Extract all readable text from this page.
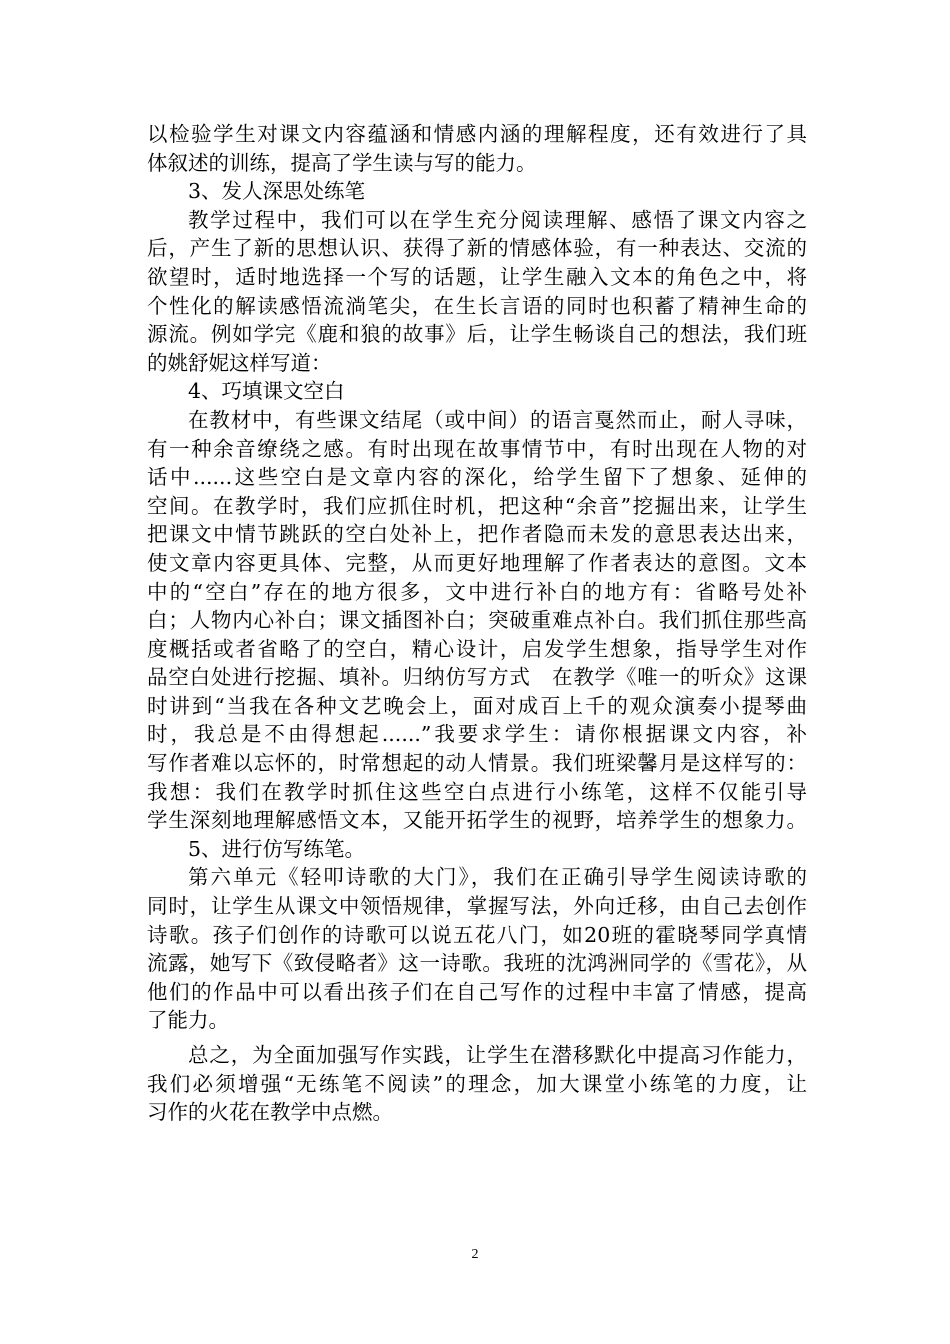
以检验学生对课文内容蕴涵和情感内涵的理解程度，还有效进行了具
体叙述的训练，提高了学生读与写的能力。
3、发人深思处练笔
教学过程中，我们可以在学生充分阅读理解、感悟了课文内容之
后，产生了新的思想认识、获得了新的情感体验，有一种表达、交流的
欲望时，适时地选择一个写的话题，让学生融入文本的角色之中，将
个性化的解读感悟流淌笔尖，在生长言语的同时也积蓄了精神生命的
源流。例如学完《鹿和狼的故事》后，让学生畅谈自己的想法，我们班
的姚舒妮这样写道：
4、巧填课文空白
在教材中，有些课文结尾（或中间）的语言戛然而止，耐人寻味，
有一种余音缭绕之感。有时出现在故事情节中，有时出现在人物的对
话中......这些空白是文章内容的深化，给学生留下了想象、延伸的
空间。在教学时，我们应抓住时机，把这种“余音”挖掘出来，让学生
把课文中情节跳跃的空白处补上，把作者隐而未发的意思表达出来，
使文章内容更具体、完整，从而更好地理解了作者表达的意图。文本
中的“空白”存在的地方很多，文中进行补白的地方有：省略号处补
白；人物内心补白；课文插图补白；突破重难点补白。我们抓住那些高
度概括或者省略了的空白，精心设计，启发学生想象，指导学生对作
品空白处进行挖掘、填补。归纳仿写方式　在教学《唯一的听众》这课
时讲到“当我在各种文艺晚会上，面对成百上千的观众演奏小提琴曲
时，我总是不由得想起......”我要求学生：请你根据课文内容，补
写作者难以忘怀的，时常想起的动人情景。我们班梁馨月是这样写的：
我想：我们在教学时抓住这些空白点进行小练笔，这样不仅能引导
学生深刻地理解感悟文本，又能开拓学生的视野，培养学生的想象力。
5、进行仿写练笔。
第六单元《轻叩诗歌的大门》，我们在正确引导学生阅读诗歌的
同时，让学生从课文中领悟规律，掌握写法，外向迁移，由自己去创作
诗歌。孩子们创作的诗歌可以说五花八门，如20班的霍晓琴同学真情
流露，她写下《致侵略者》这一诗歌。我班的沈鸿洲同学的《雪花》，从
他们的作品中可以看出孩子们在自己写作的过程中丰富了情感，提高
了能力。
总之，为全面加强写作实践，让学生在潜移默化中提高习作能力，
我们必须增强“无练笔不阅读”的理念，加大课堂小练笔的力度，让
习作的火花在教学中点燃。
2
